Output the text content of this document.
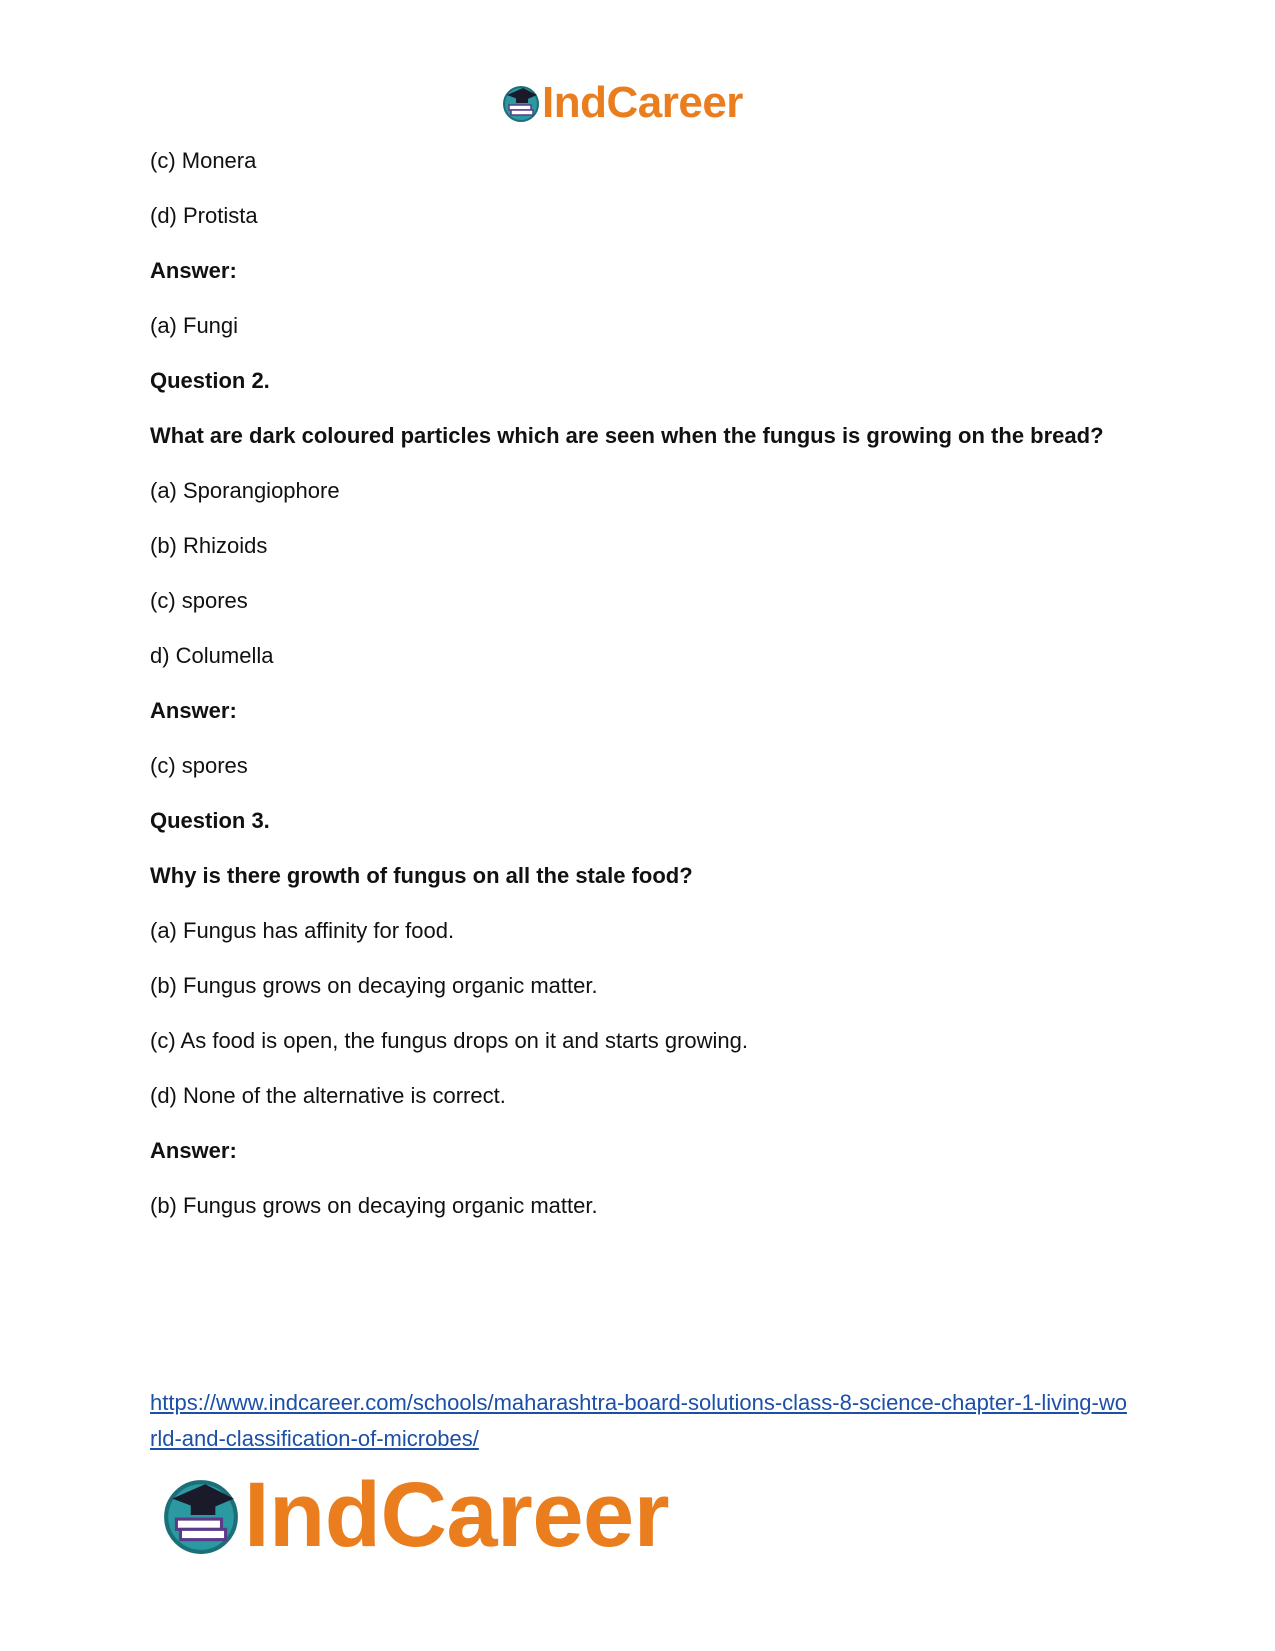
IndCareer
(c) Monera
(d) Protista
Answer:
(a) Fungi
Question 2.
What are dark coloured particles which are seen when the fungus is growing on the bread?
(a) Sporangiophore
(b) Rhizoids
(c) spores
d) Columella
Answer:
(c) spores
Question 3.
Why is there growth of fungus on all the stale food?
(a) Fungus has affinity for food.
(b) Fungus grows on decaying organic matter.
(c) As food is open, the fungus drops on it and starts growing.
(d) None of the alternative is correct.
Answer:
(b) Fungus grows on decaying organic matter.
https://www.indcareer.com/schools/maharashtra-board-solutions-class-8-science-chapter-1-living-world-and-classification-of-microbes/
IndCareer
